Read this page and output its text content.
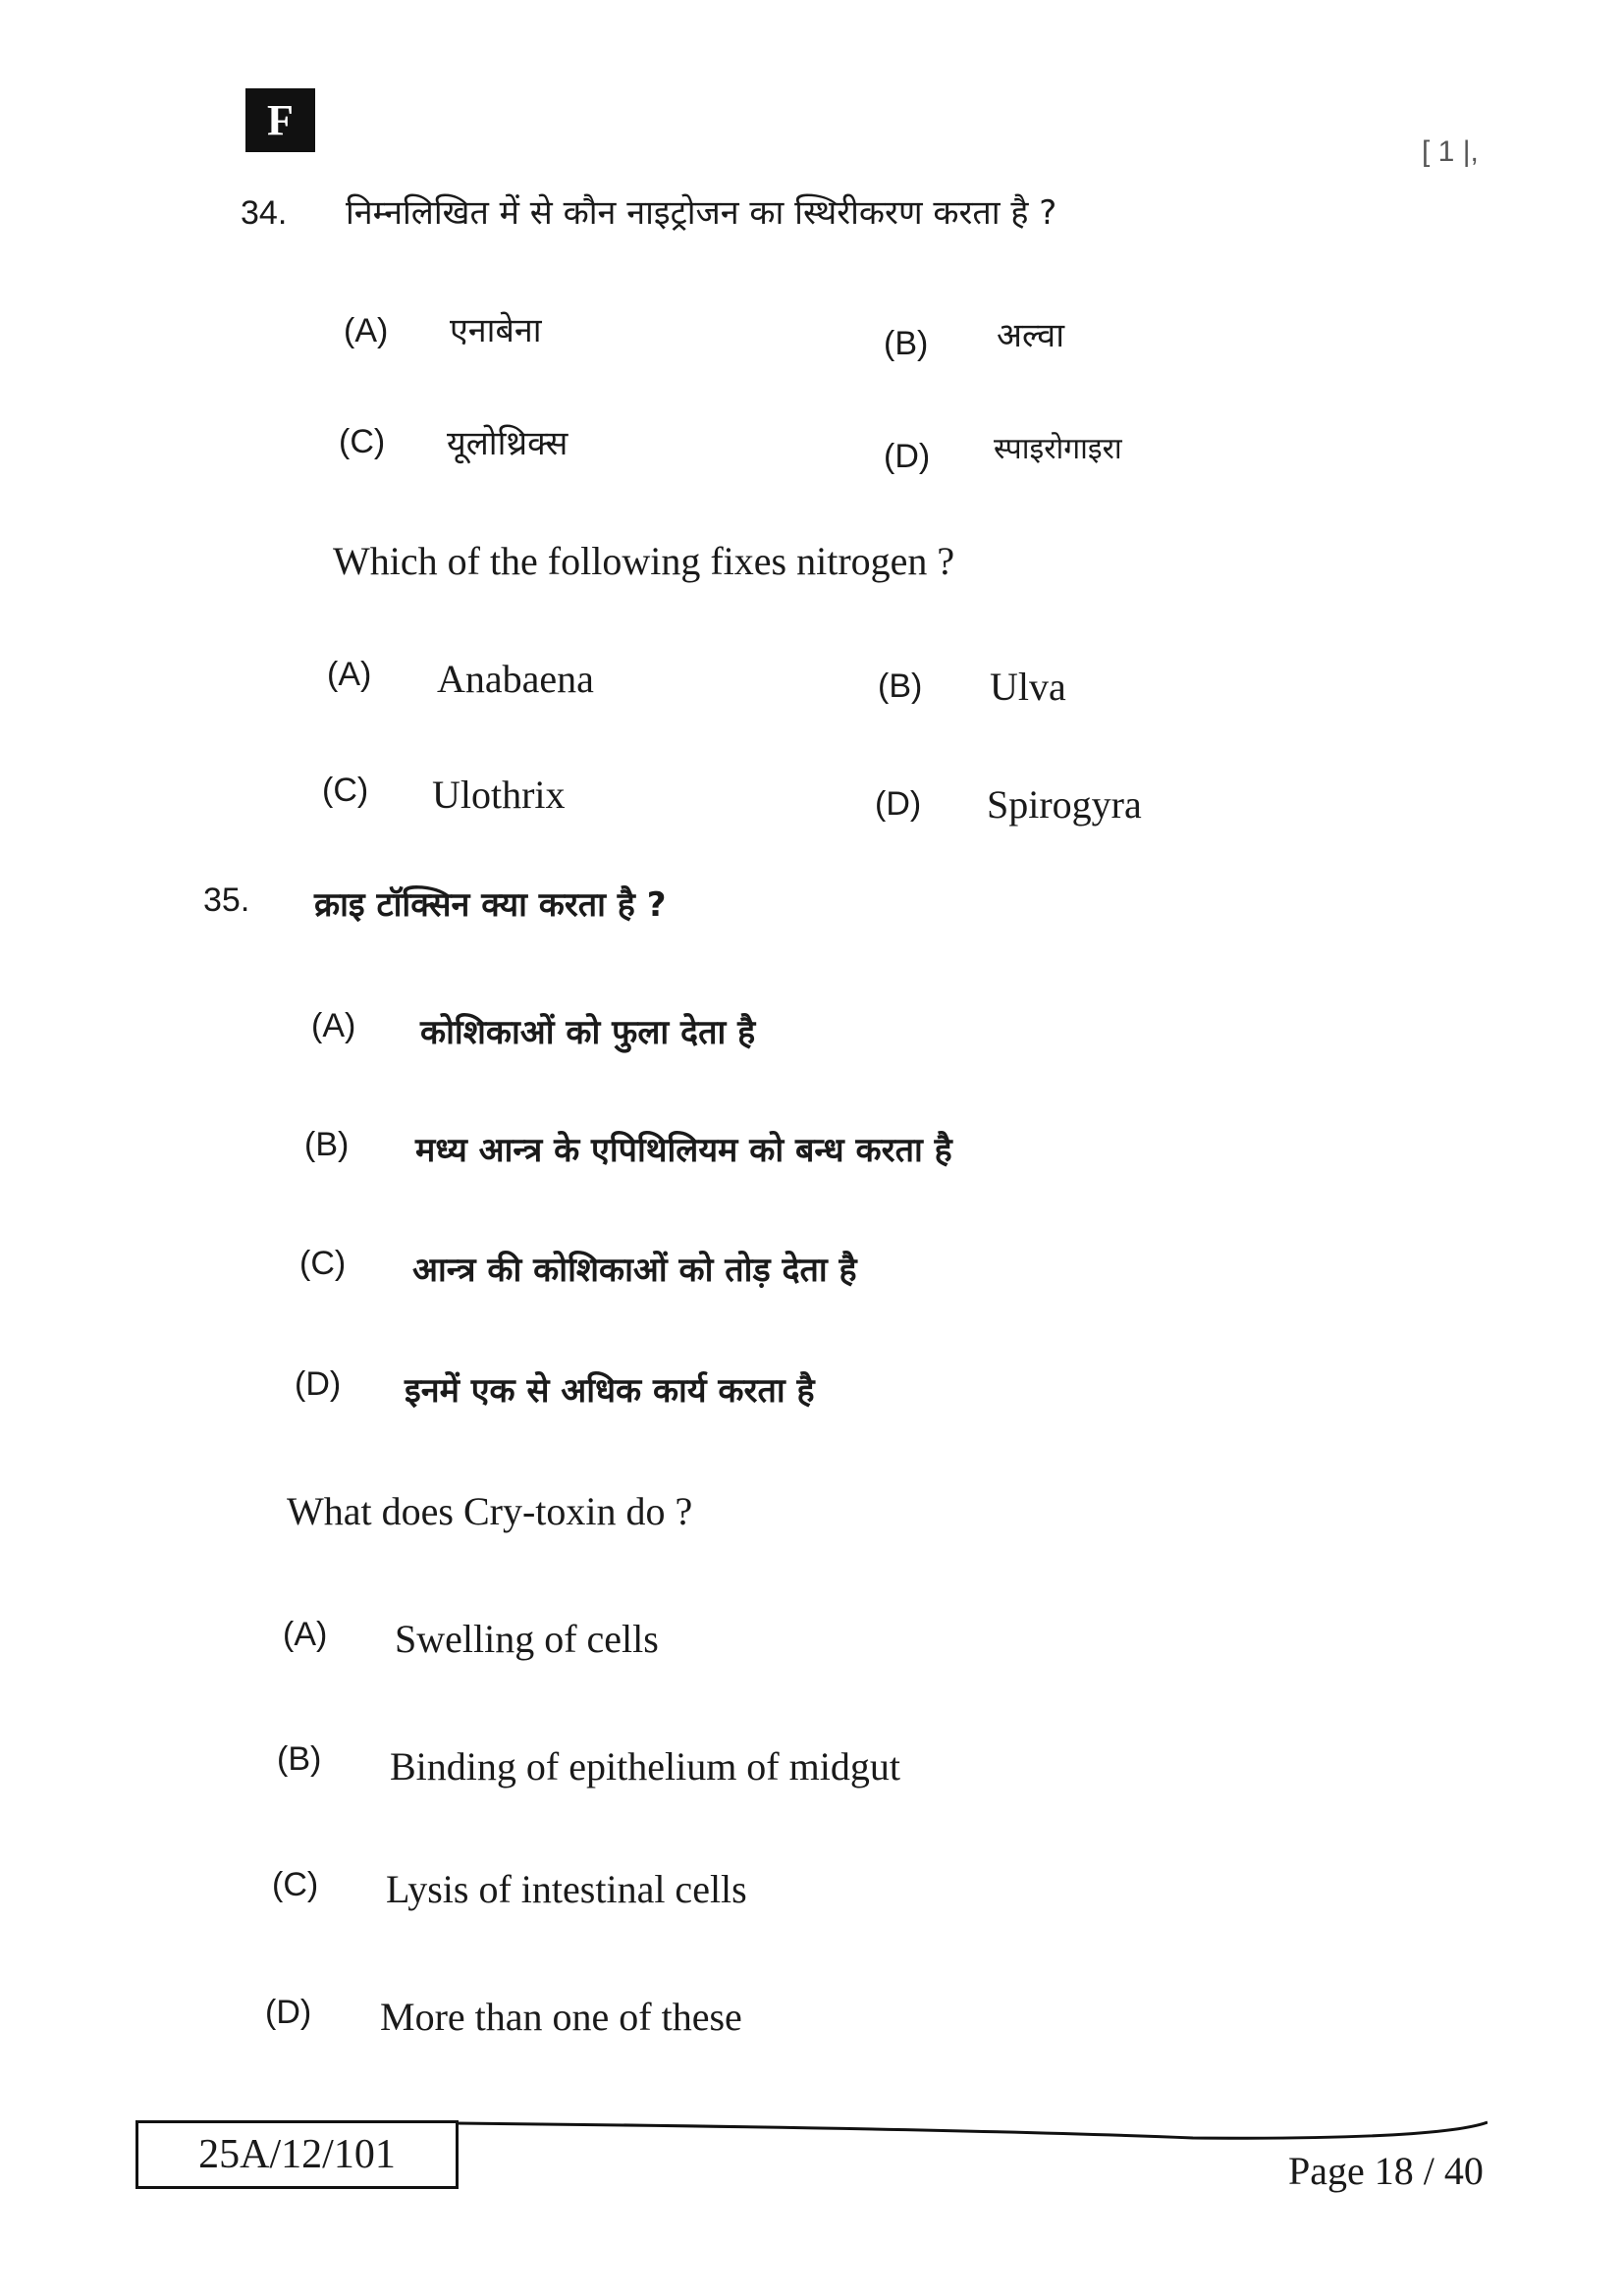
F
[ 1 |,
34. निम्नलिखित में से कौन नाइट्रोजन का स्थिरीकरण करता है ?
(A) एनाबेना	(B) अल्वा
(C) यूलोथ्रिक्स	(D) स्पाइरोगाइरा
Which of the following fixes nitrogen ?
(A) Anabaena	(B) Ulva
(C) Ulothrix	(D) Spirogyra
35. क्राइ टॉक्सिन क्या करता है ?
(A) कोशिकाओं को फुला देता है
(B) मध्य आन्त्र के एपिथिलियम को बन्ध करता है
(C) आन्त्र की कोशिकाओं को तोड़ देता है
(D) इनमें एक से अधिक कार्य करता है
What does Cry-toxin do ?
(A) Swelling of cells
(B) Binding of epithelium of midgut
(C) Lysis of intestinal cells
(D) More than one of these
25A/12/101	Page 18 / 40
